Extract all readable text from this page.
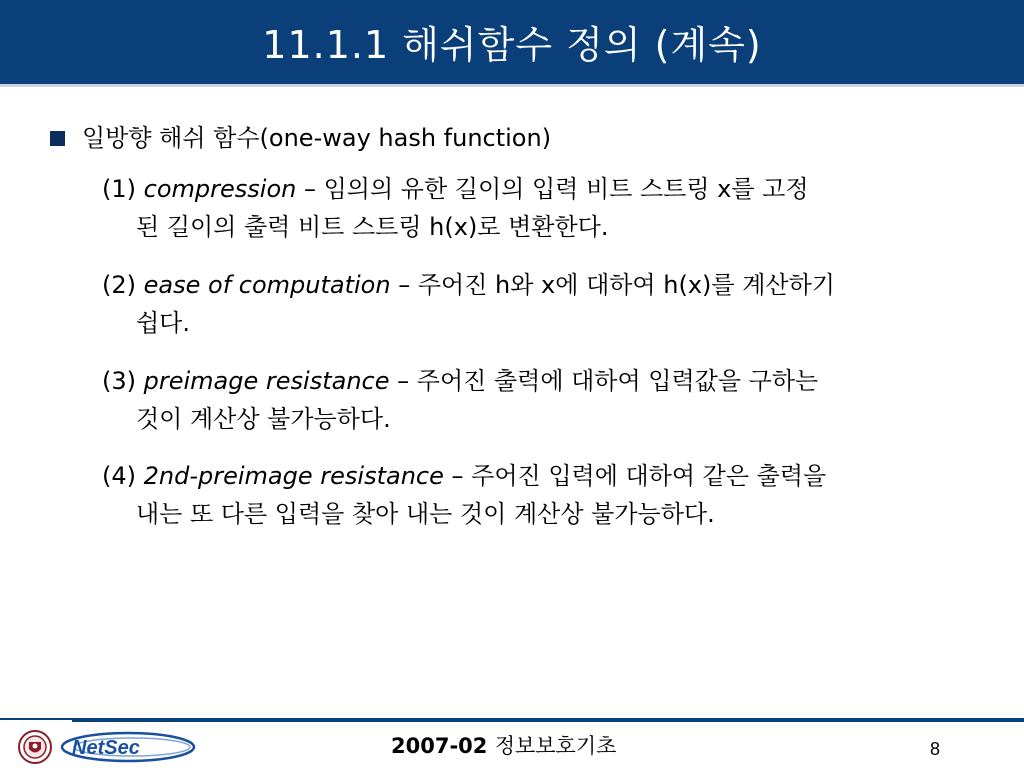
11.1.1 해쉬함수 정의 (계속)
일방향 해쉬 함수(one-way hash function)
(1) compression – 임의의 유한 길이의 입력 비트 스트링 x를 고정
된 길이의 출력 비트 스트링 h(x)로 변환한다.
(2) ease of computation – 주어진 h와 x에 대하여 h(x)를 계산하기
쉽다.
(3) preimage resistance – 주어진 출력에 대하여 입력값을 구하는
것이 계산상 불가능하다.
(4) 2nd-preimage resistance – 주어진 입력에 대하여 같은 출력을
내는 또 다른 입력을 찾아 내는 것이 계산상 불가능하다.
NetSec	2007-02 정보보호기초	8
